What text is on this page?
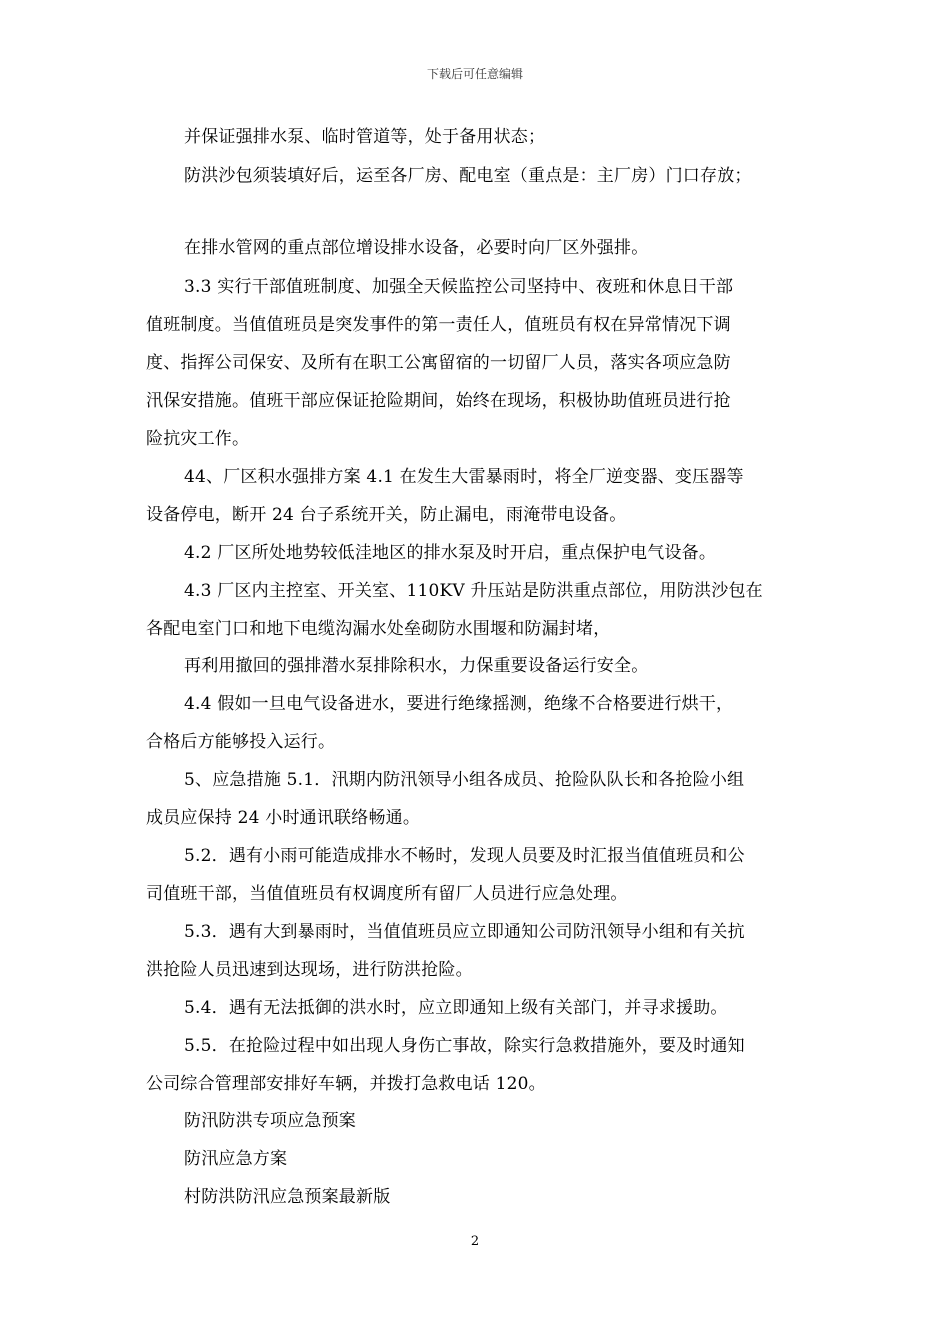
下载后可任意编辑
并保证强排水泵、临时管道等，处于备用状态；
防洪沙包须装填好后，运至各厂房、配电室（重点是：主厂房）门口存放；
在排水管网的重点部位增设排水设备，必要时向厂区外强排。
3.3 实行干部值班制度、加强全天候监控公司坚持中、夜班和休息日干部
值班制度。当值值班员是突发事件的第一责任人，值班员有权在异常情况下调
度、指挥公司保安、及所有在职工公寓留宿的一切留厂人员，落实各项应急防
汛保安措施。值班干部应保证抢险期间，始终在现场，积极协助值班员进行抢
险抗灾工作。
44、厂区积水强排方案 4.1 在发生大雷暴雨时，将全厂逆变器、变压器等
设备停电，断开 24 台子系统开关，防止漏电，雨淹带电设备。
4.2 厂区所处地势较低洼地区的排水泵及时开启，重点保护电气设备。
4.3 厂区内主控室、开关室、110KV 升压站是防洪重点部位，用防洪沙包在
各配电室门口和地下电缆沟漏水处垒砌防水围堰和防漏封堵，
再利用撤回的强排潜水泵排除积水，力保重要设备运行安全。
4.4 假如一旦电气设备进水，要进行绝缘摇测，绝缘不合格要进行烘干，
合格后方能够投入运行。
5、应急措施 5.1．汛期内防汛领导小组各成员、抢险队队长和各抢险小组
成员应保持 24 小时通讯联络畅通。
5.2．遇有小雨可能造成排水不畅时，发现人员要及时汇报当值值班员和公
司值班干部，当值值班员有权调度所有留厂人员进行应急处理。
5.3．遇有大到暴雨时，当值值班员应立即通知公司防汛领导小组和有关抗
洪抢险人员迅速到达现场，进行防洪抢险。
5.4．遇有无法抵御的洪水时，应立即通知上级有关部门，并寻求援助。
5.5．在抢险过程中如出现人身伤亡事故，除实行急救措施外，要及时通知
公司综合管理部安排好车辆，并拨打急救电话 120。
防汛防洪专项应急预案
防汛应急方案
村防洪防汛应急预案最新版
2
